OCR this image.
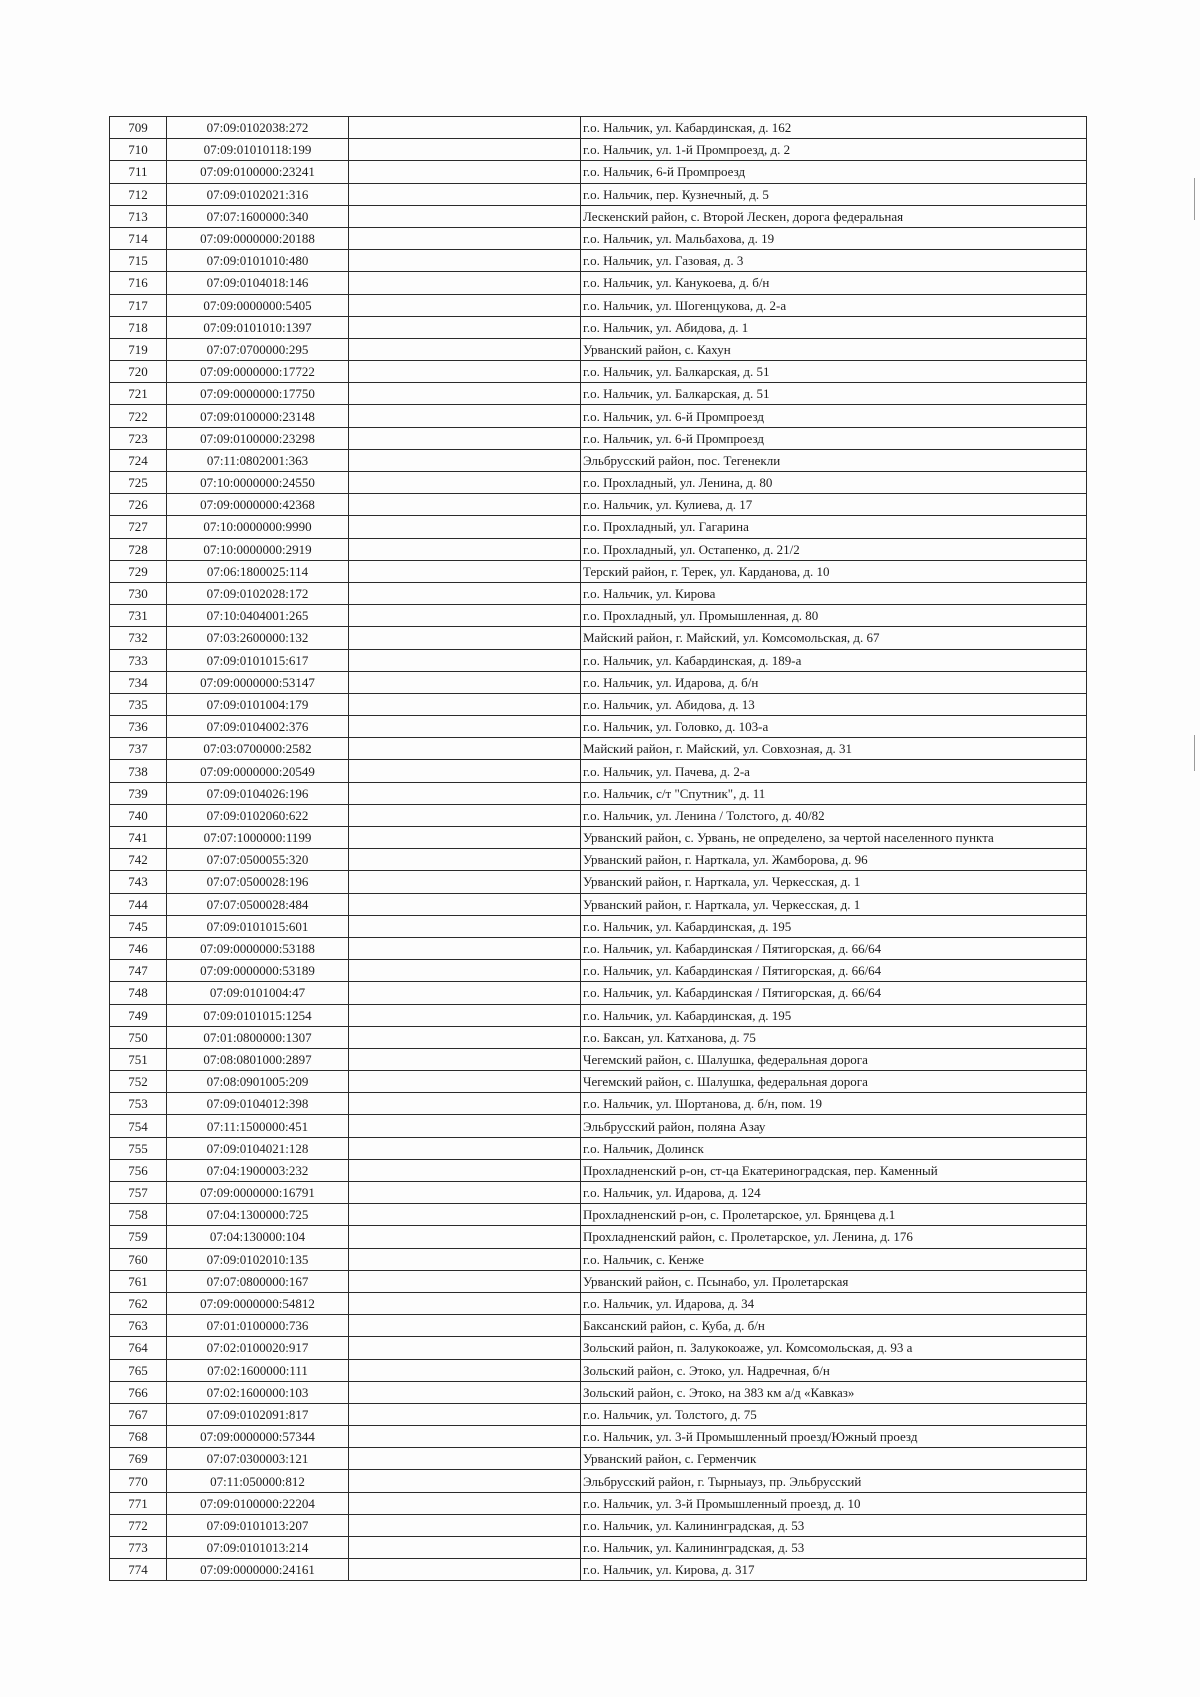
709	07:09:0102038:272		г.о. Нальчик, ул. Кабардинская, д. 162
710	07:09:01010118:199		г.о. Нальчик, ул. 1-й Промпроезд, д. 2
711	07:09:0100000:23241		г.о. Нальчик, 6-й Промпроезд
712	07:09:0102021:316		г.о. Нальчик, пер. Кузнечный, д. 5
713	07:07:1600000:340		Лескенский район, с. Второй Лескен, дорога федеральная
714	07:09:0000000:20188		г.о. Нальчик, ул. Мальбахова, д. 19
715	07:09:0101010:480		г.о. Нальчик, ул. Газовая, д. 3
716	07:09:0104018:146		г.о. Нальчик, ул. Канукоева, д. б/н
717	07:09:0000000:5405		г.о. Нальчик, ул. Шогенцукова, д. 2-а
718	07:09:0101010:1397		г.о. Нальчик, ул. Абидова, д. 1
719	07:07:0700000:295		Урванский район, с. Кахун
720	07:09:0000000:17722		г.о. Нальчик, ул. Балкарская, д. 51
721	07:09:0000000:17750		г.о. Нальчик, ул. Балкарская, д. 51
722	07:09:0100000:23148		г.о. Нальчик, ул. 6-й Промпроезд
723	07:09:0100000:23298		г.о. Нальчик, ул. 6-й Промпроезд
724	07:11:0802001:363		Эльбрусский район, пос. Тегенекли
725	07:10:0000000:24550		г.о. Прохладный, ул. Ленина, д. 80
726	07:09:0000000:42368		г.о. Нальчик, ул. Кулиева, д. 17
727	07:10:0000000:9990		г.о. Прохладный, ул. Гагарина
728	07:10:0000000:2919		г.о. Прохладный, ул. Остапенко, д. 21/2
729	07:06:1800025:114		Терский район, г. Терек, ул. Карданова, д. 10
730	07:09:0102028:172		г.о. Нальчик, ул. Кирова
731	07:10:0404001:265		г.о. Прохладный, ул. Промышленная, д. 80
732	07:03:2600000:132		Майский район, г. Майский, ул. Комсомольская, д. 67
733	07:09:0101015:617		г.о. Нальчик, ул. Кабардинская, д. 189-а
734	07:09:0000000:53147		г.о. Нальчик, ул. Идарова, д. б/н
735	07:09:0101004:179		г.о. Нальчик, ул. Абидова, д. 13
736	07:09:0104002:376		г.о. Нальчик, ул. Головко, д. 103-а
737	07:03:0700000:2582		Майский район, г. Майский, ул. Совхозная, д. 31
738	07:09:0000000:20549		г.о. Нальчик, ул. Пачева, д. 2-а
739	07:09:0104026:196		г.о. Нальчик, с/т "Спутник", д. 11
740	07:09:0102060:622		г.о. Нальчик, ул. Ленина / Толстого, д. 40/82
741	07:07:1000000:1199		Урванский район, с. Урвань, не определено, за чертой населенного пункта
742	07:07:0500055:320		Урванский район, г. Нарткала, ул. Жамборова, д. 96
743	07:07:0500028:196		Урванский район, г. Нарткала, ул. Черкесская, д. 1
744	07:07:0500028:484		Урванский район, г. Нарткала, ул. Черкесская, д. 1
745	07:09:0101015:601		г.о. Нальчик, ул. Кабардинская, д. 195
746	07:09:0000000:53188		г.о. Нальчик, ул. Кабардинская / Пятигорская, д. 66/64
747	07:09:0000000:53189		г.о. Нальчик, ул. Кабардинская / Пятигорская, д. 66/64
748	07:09:0101004:47		г.о. Нальчик, ул. Кабардинская / Пятигорская, д. 66/64
749	07:09:0101015:1254		г.о. Нальчик, ул. Кабардинская, д. 195
750	07:01:0800000:1307		г.о. Баксан, ул. Катханова, д. 75
751	07:08:0801000:2897		Чегемский район, с. Шалушка, федеральная дорога
752	07:08:0901005:209		Чегемский район, с. Шалушка, федеральная дорога
753	07:09:0104012:398		г.о. Нальчик, ул. Шортанова, д. б/н, пом. 19
754	07:11:1500000:451		Эльбрусский район, поляна Азау
755	07:09:0104021:128		г.о. Нальчик, Долинск
756	07:04:1900003:232		Прохладненский р-он, ст-ца Екатериноградская, пер. Каменный
757	07:09:0000000:16791		г.о. Нальчик, ул. Идарова, д. 124
758	07:04:1300000:725		Прохладненский р-он, с. Пролетарское, ул. Брянцева д.1
759	07:04:130000:104		Прохладненский район, с. Пролетарское, ул. Ленина, д. 176
760	07:09:0102010:135		г.о. Нальчик, с. Кенже
761	07:07:0800000:167		Урванский район, с. Псынабо, ул. Пролетарская
762	07:09:0000000:54812		г.о. Нальчик, ул. Идарова, д. 34
763	07:01:0100000:736		Баксанский район, с. Куба, д. б/н
764	07:02:0100020:917		Зольский район, п. Залукокоаже, ул. Комсомольская, д. 93 а
765	07:02:1600000:111		Зольский район, с. Этоко, ул. Надречная, б/н
766	07:02:1600000:103		Зольский район, с. Этоко, на 383 км а/д «Кавказ»
767	07:09:0102091:817		г.о. Нальчик, ул. Толстого, д. 75
768	07:09:0000000:57344		г.о. Нальчик, ул. 3-й Промышленный проезд/Южный проезд
769	07:07:0300003:121		Урванский район, с. Герменчик
770	07:11:050000:812		Эльбрусский район, г. Тырныауз, пр. Эльбрусский
771	07:09:0100000:22204		г.о. Нальчик, ул. 3-й Промышленный проезд, д. 10
772	07:09:0101013:207		г.о. Нальчик, ул. Калининградская, д. 53
773	07:09:0101013:214		г.о. Нальчик, ул. Калининградская, д. 53
774	07:09:0000000:24161		г.о. Нальчик, ул. Кирова, д. 317
